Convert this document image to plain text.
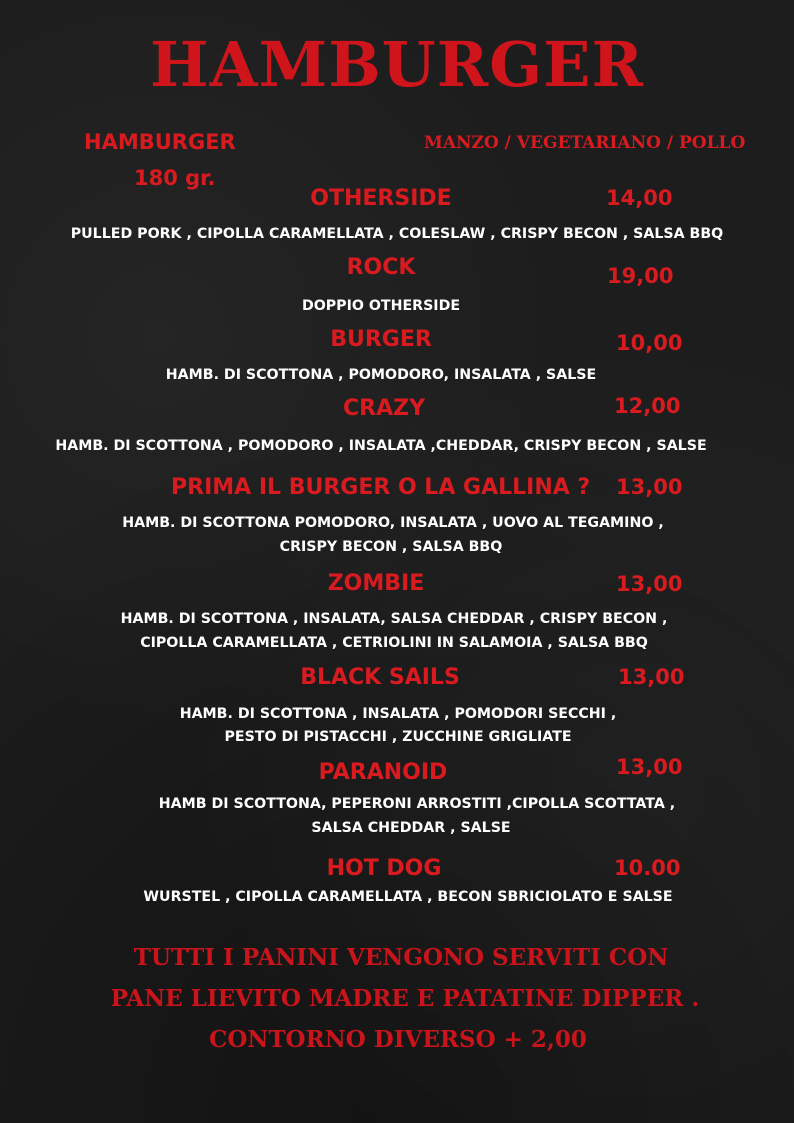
HAMBURGER
HAMBURGER
180 gr.
MANZO / VEGETARIANO / POLLO
OTHERSIDE	14,00
PULLED PORK , CIPOLLA CARAMELLATA , COLESLAW , CRISPY BECON , SALSA BBQ
ROCK	19,00
DOPPIO OTHERSIDE
BURGER	10,00
HAMB. DI SCOTTONA , POMODORO, INSALATA , SALSE
CRAZY	12,00
HAMB. DI SCOTTONA , POMODORO , INSALATA ,CHEDDAR, CRISPY BECON , SALSE
PRIMA IL BURGER O LA GALLINA ? 13,00
HAMB. DI SCOTTONA POMODORO, INSALATA , UOVO AL TEGAMINO ,
CRISPY BECON , SALSA BBQ
ZOMBIE	13,00
HAMB. DI SCOTTONA , INSALATA, SALSA CHEDDAR , CRISPY BECON ,
CIPOLLA CARAMELLATA , CETRIOLINI IN SALAMOIA , SALSA BBQ
BLACK SAILS	13,00
HAMB. DI SCOTTONA , INSALATA , POMODORI SECCHI ,
PESTO DI PISTACCHI , ZUCCHINE GRIGLIATE
PARANOID	13,00
HAMB DI SCOTTONA, PEPERONI ARROSTITI ,CIPOLLA SCOTTATA ,
SALSA CHEDDAR , SALSE
HOT DOG	10.00
WURSTEL , CIPOLLA CARAMELLATA , BECON SBRICIOLATO E SALSE
TUTTI I PANINI VENGONO SERVITI CON
PANE LIEVITO MADRE E PATATINE DIPPER .
CONTORNO DIVERSO + 2,00
